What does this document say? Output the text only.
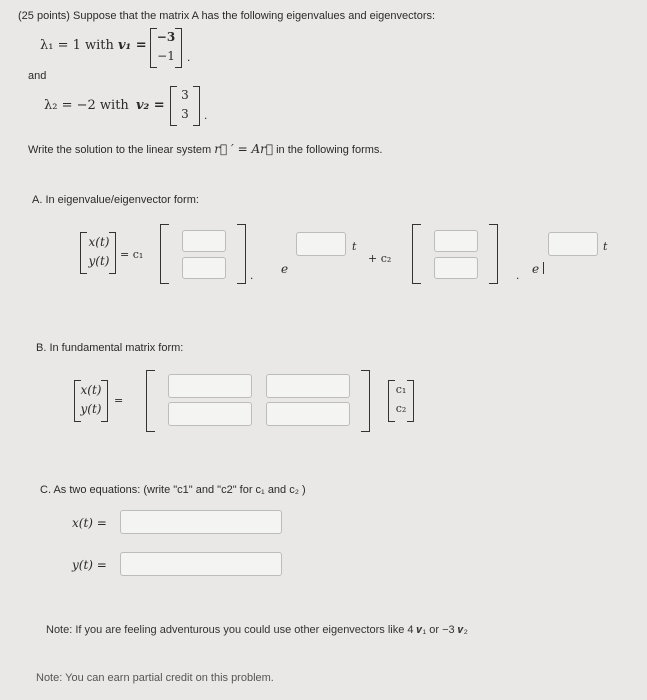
(25 points) Suppose that the matrix A has the following eigenvalues and eigenvectors:
λ₁ = 1 with 𝒗₁ =
−3
−1 .
and
λ₂ = −2 with 𝒗₂ =
3
3	.
Write the solution to the linear system r⃗ ′ = Ar⃗ in the following forms.
A. In eigenvalue/eigenvector form:
x(t)
y(t) = c₁
. e
t
+ c₂
. e
t
B. In fundamental matrix form:
x(t)
y(t)
=
c₁
c₂
C. As two equations: (write "c1" and "c2" for c₁ and c₂ )
x(t) =
y(t) =
Note: If you are feeling adventurous you could use other eigenvectors like 4 𝒗₁ or −3 𝒗₂
Note: You can earn partial credit on this problem.
